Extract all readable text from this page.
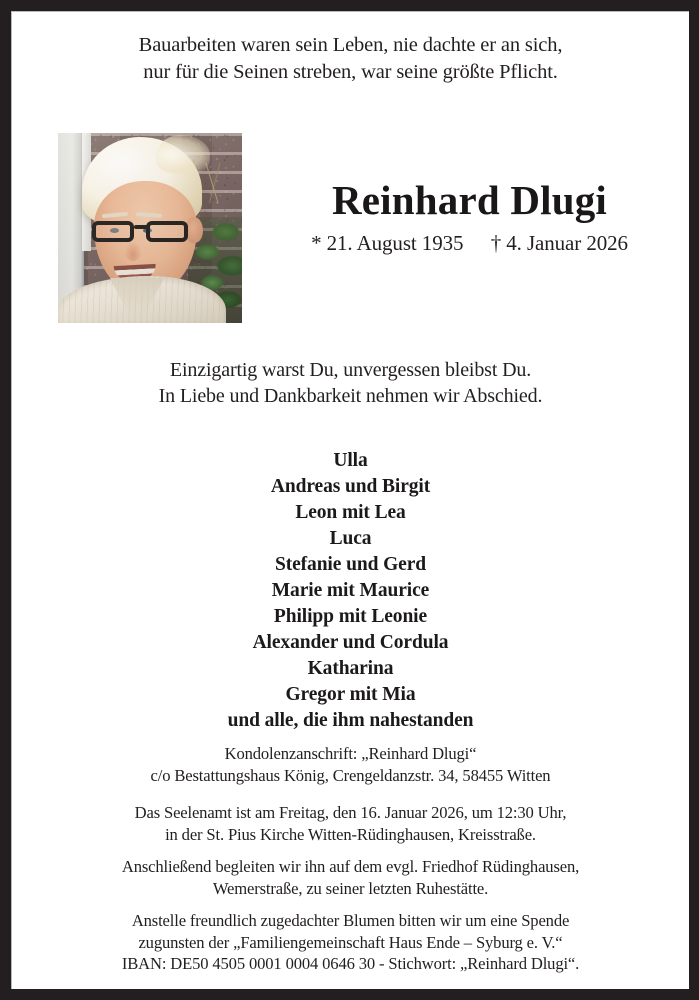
Bauarbeiten waren sein Leben, nie dachte er an sich,
nur für die Seinen streben, war seine größte Pflicht.
Reinhard Dlugi
* 21. August 1935 † 4. Januar 2026
Einzigartig warst Du, unvergessen bleibst Du.
In Liebe und Dankbarkeit nehmen wir Abschied.
Ulla
Andreas und Birgit
Leon mit Lea
Luca
Stefanie und Gerd
Marie mit Maurice
Philipp mit Leonie
Alexander und Cordula
Katharina
Gregor mit Mia
und alle, die ihm nahestanden
Kondolenzanschrift: „Reinhard Dlugi“
c/o Bestattungshaus König, Crengeldanzstr. 34, 58455 Witten
Das Seelenamt ist am Freitag, den 16. Januar 2026, um 12:30 Uhr,
in der St. Pius Kirche Witten-Rüdinghausen, Kreisstraße.
Anschließend begleiten wir ihn auf dem evgl. Friedhof Rüdinghausen,
Wemerstraße, zu seiner letzten Ruhestätte.
Anstelle freundlich zugedachter Blumen bitten wir um eine Spende
zugunsten der „Familiengemeinschaft Haus Ende – Syburg e. V.“
IBAN: DE50 4505 0001 0004 0646 30 - Stichwort: „Reinhard Dlugi“.
